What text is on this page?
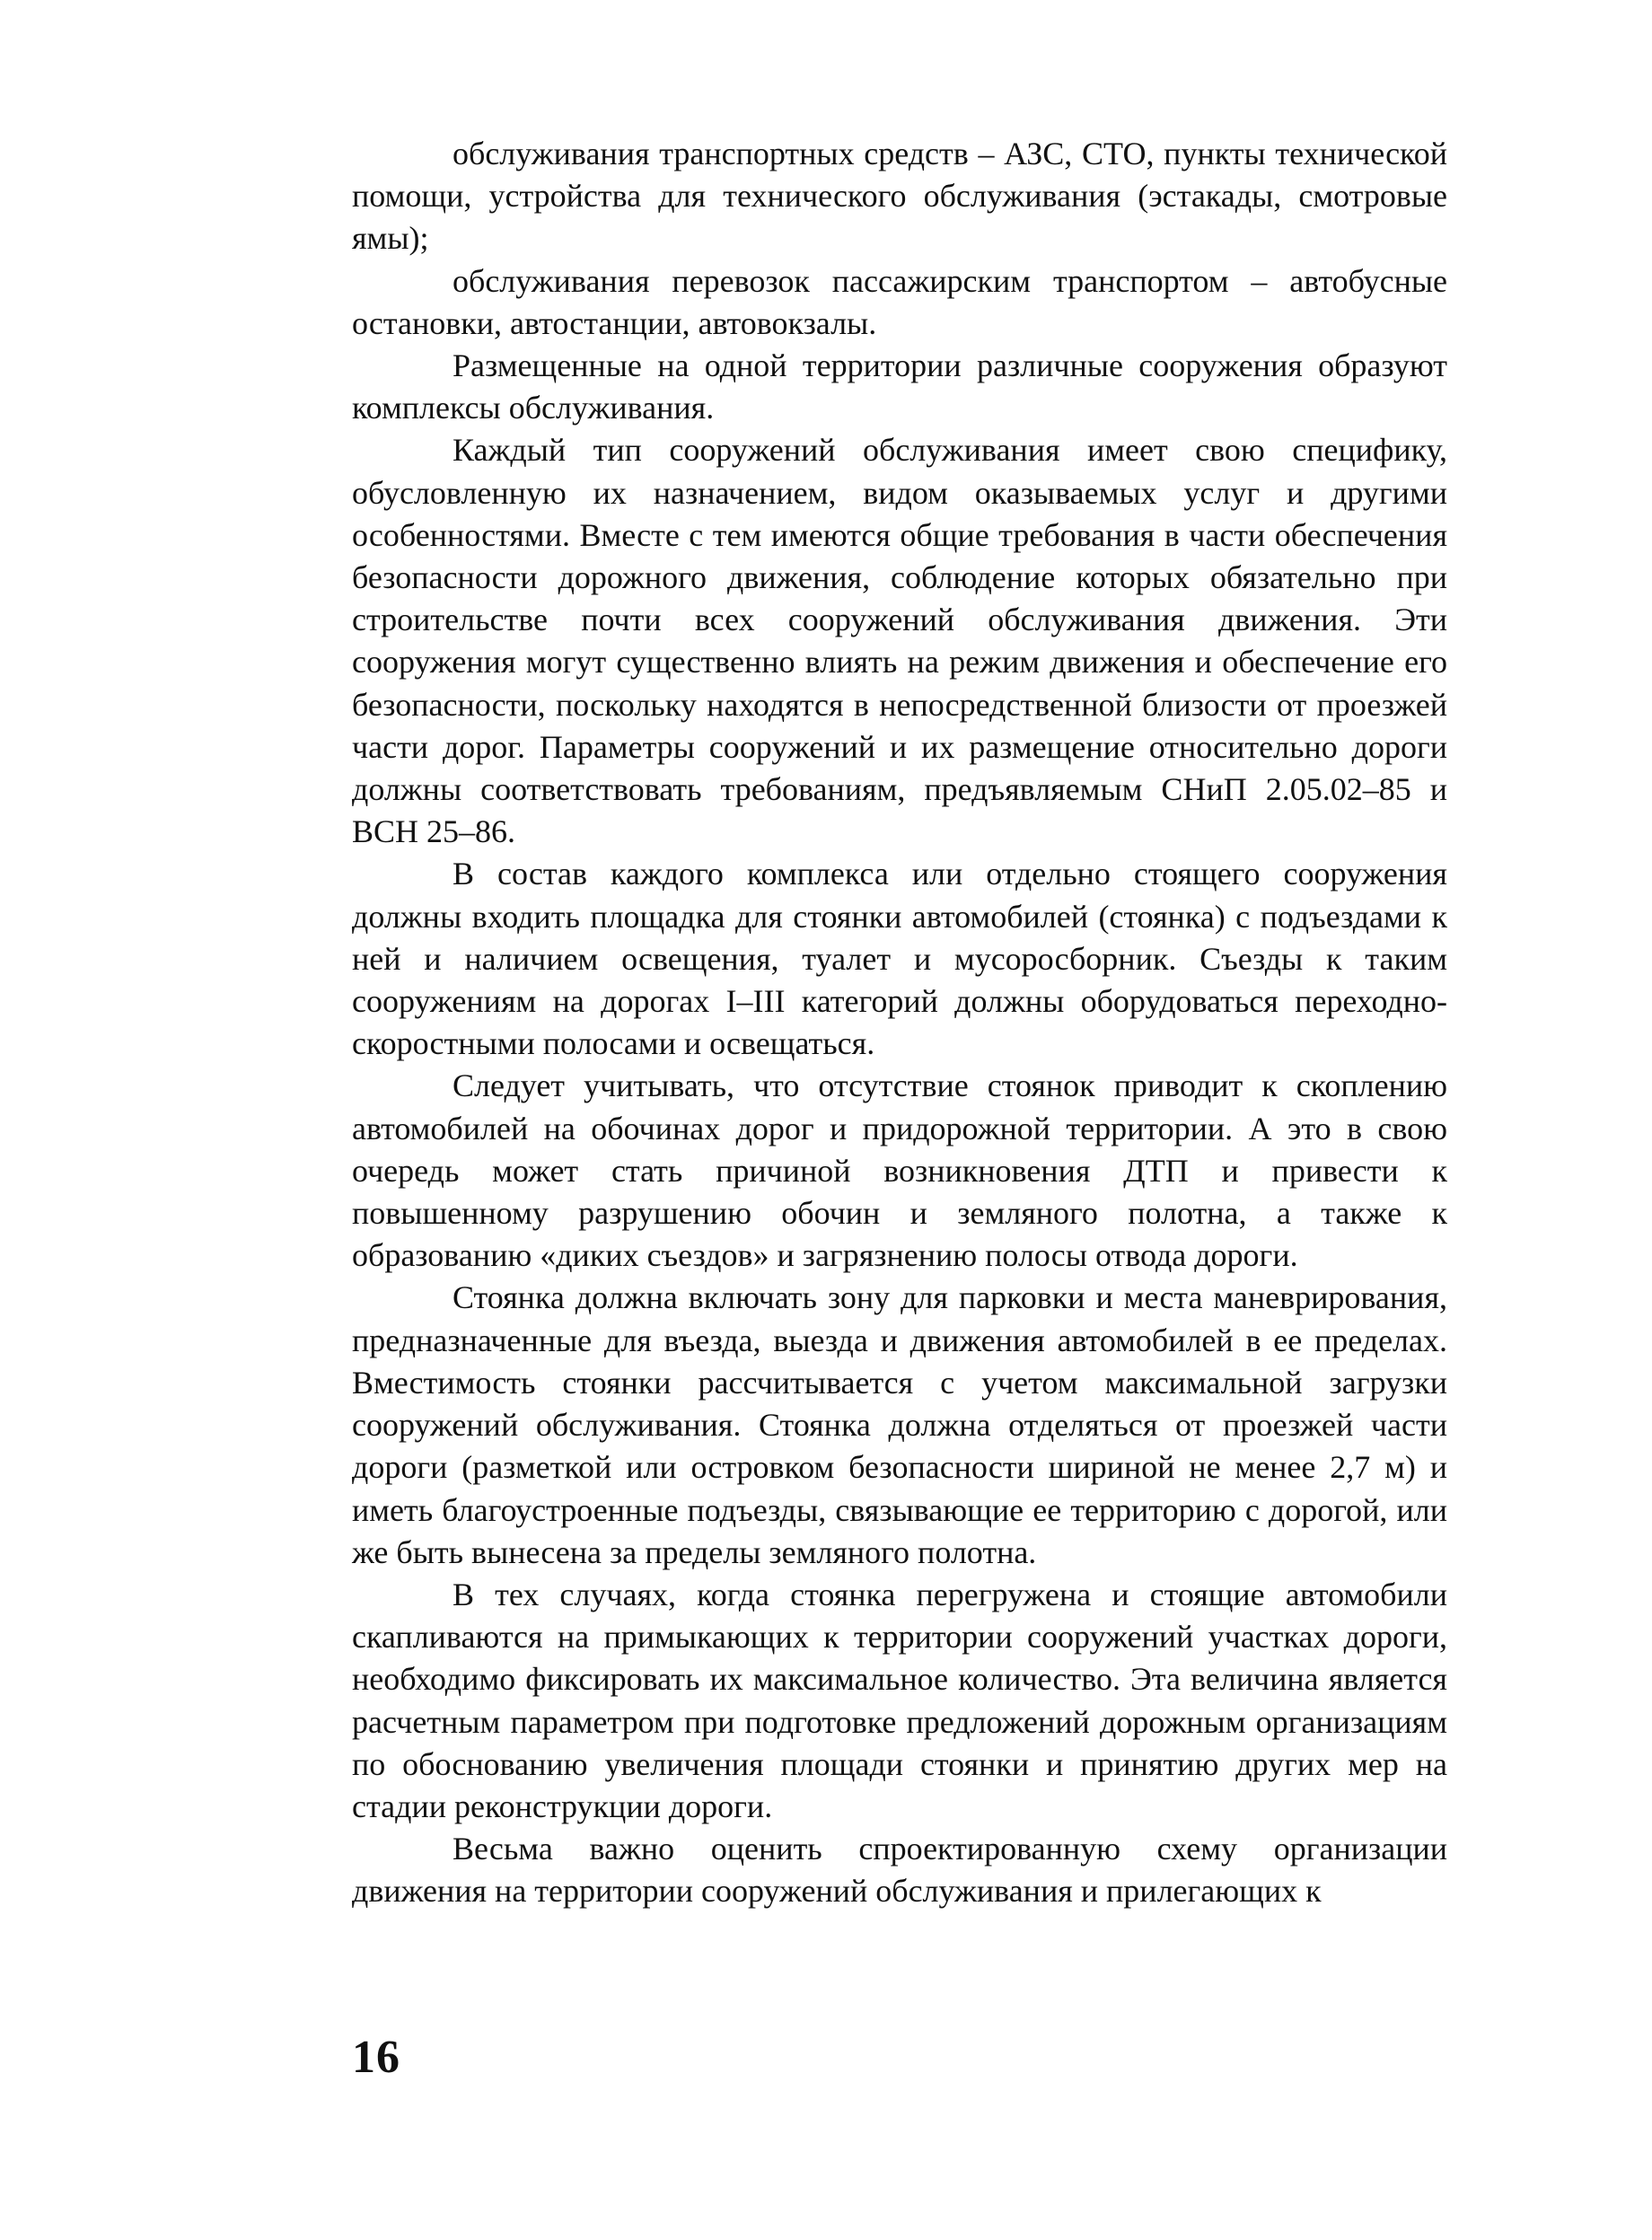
обслуживания транспортных средств – АЗС, СТО, пункты технической помощи, устройства для технического обслуживания (эстакады, смотровые ямы);

обслуживания перевозок пассажирским транспортом – автобусные остановки, автостанции, автовокзалы.

Размещенные на одной территории различные сооружения образуют комплексы обслуживания.

Каждый тип сооружений обслуживания имеет свою специфику, обусловленную их назначением, видом оказываемых услуг и другими особенностями. Вместе с тем имеются общие требования в части обеспечения безопасности дорожного движения, соблюдение которых обязательно при строительстве почти всех сооружений обслуживания движения. Эти сооружения могут существенно влиять на режим движения и обеспечение его безопасности, поскольку находятся в непосредственной близости от проезжей части дорог. Параметры сооружений и их размещение относительно дороги должны соответствовать требованиям, предъявляемым СНиП 2.05.02–85 и ВСН 25–86.

В состав каждого комплекса или отдельно стоящего сооружения должны входить площадка для стоянки автомобилей (стоянка) с подъездами к ней и наличием освещения, туалет и мусоросборник. Съезды к таким сооружениям на дорогах I–III категорий должны оборудоваться переходно-скоростными полосами и освещаться.

Следует учитывать, что отсутствие стоянок приводит к скоплению автомобилей на обочинах дорог и придорожной территории. А это в свою очередь может стать причиной возникновения ДТП и привести к повышенному разрушению обочин и земляного полотна, а также к образованию «диких съездов» и загрязнению полосы отвода дороги.

Стоянка должна включать зону для парковки и места маневрирования, предназначенные для въезда, выезда и движения автомобилей в ее пределах. Вместимость стоянки рассчитывается с учетом максимальной загрузки сооружений обслуживания. Стоянка должна отделяться от проезжей части дороги (разметкой или островком безопасности шириной не менее 2,7 м) и иметь благоустроенные подъезды, связывающие ее территорию с дорогой, или же быть вынесена за пределы земляного полотна.

В тех случаях, когда стоянка перегружена и стоящие автомобили скапливаются на примыкающих к территории сооружений участках дороги, необходимо фиксировать их максимальное количество. Эта величина является расчетным параметром при подготовке предложений дорожным организациям по обоснованию увеличения площади стоянки и принятию других мер на стадии реконструкции дороги.

Весьма важно оценить спроектированную схему организации движения на территории сооружений обслуживания и прилегающих к

16
